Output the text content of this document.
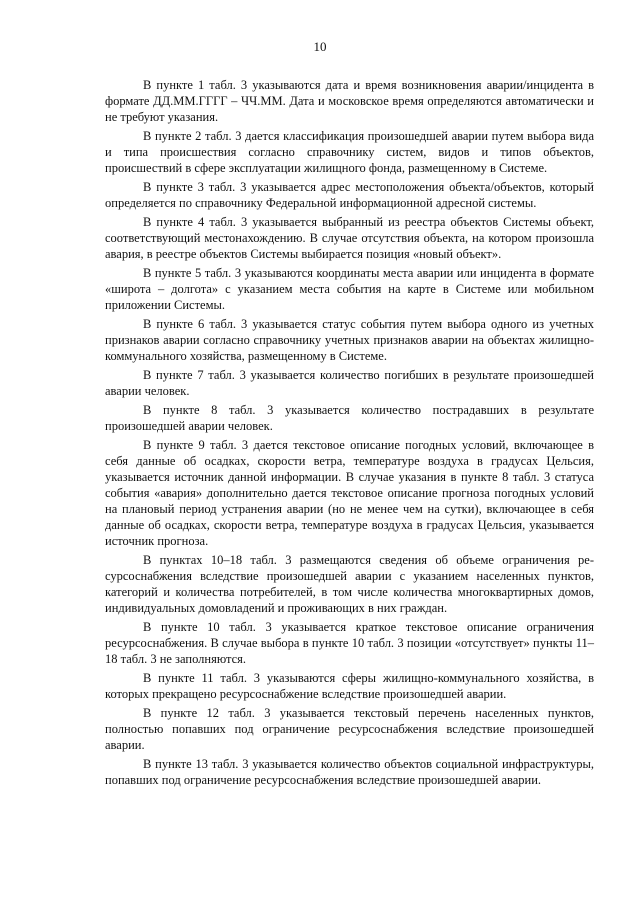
10

В пункте 1 табл. 3 указываются дата и время возникновения аварии/инцидента в формате ДД.ММ.ГГГГ – ЧЧ.ММ. Дата и московское время определяются автоматически и не требуют указания.

В пункте 2 табл. 3 дается классификация произошедшей аварии путем выбора вида и типа происшествия согласно справочнику систем, видов и типов объектов, происшествий в сфере эксплуатации жилищного фонда, размещенному в Системе.

В пункте 3 табл. 3 указывается адрес местоположения объекта/объектов, который определяется по справочнику Федеральной информационной адресной системы.

В пункте 4 табл. 3 указывается выбранный из реестра объектов Системы объект, соответствующий местонахождению. В случае отсутствия объекта, на котором произошла авария, в реестре объектов Системы выбирается позиция «новый объект».

В пункте 5 табл. 3 указываются координаты места аварии или инцидента в формате «широта – долгота» с указанием места события на карте в Системе или мобильном приложении Системы.

В пункте 6 табл. 3 указывается статус события путем выбора одного из учетных признаков аварии согласно справочнику учетных признаков аварии на объектах жилищно-коммунального хозяйства, размещенному в Системе.

В пункте 7 табл. 3 указывается количество погибших в результате произошедшей аварии человек.

В пункте 8 табл. 3 указывается количество пострадавших в результате произошедшей аварии человек.

В пункте 9 табл. 3 дается текстовое описание погодных условий, включающее в себя данные об осадках, скорости ветра, температуре воздуха в градусах Цельсия, указывается источник данной информации. В случае указания в пункте 8 табл. 3 статуса события «авария» дополнительно дается текстовое описание прогноза погодных условий на плановый период устранения аварии (но не менее чем на сутки), включающее в себя данные об осадках, скорости ветра, температуре воздуха в градусах Цельсия, указывается источник прогноза.

В пунктах 10–18 табл. 3 размещаются сведения об объеме ограничения ресурсоснабжения вследствие произошедшей аварии с указанием населенных пунктов, категорий и количества потребителей, в том числе количества многоквартирных домов, индивидуальных домовладений и проживающих в них граждан.

В пункте 10 табл. 3 указывается краткое текстовое описание ограничения ресурсоснабжения. В случае выбора в пункте 10 табл. 3 позиции «отсутствует» пункты 11–18 табл. 3 не заполняются.

В пункте 11 табл. 3 указываются сферы жилищно-коммунального хозяйства, в которых прекращено ресурсоснабжение вследствие произошедшей аварии.

В пункте 12 табл. 3 указывается текстовый перечень населенных пунктов, полностью попавших под ограничение ресурсоснабжения вследствие произошедшей аварии.

В пункте 13 табл. 3 указывается количество объектов социальной инфраструктуры, попавших под ограничение ресурсоснабжения вследствие произошедшей аварии.
